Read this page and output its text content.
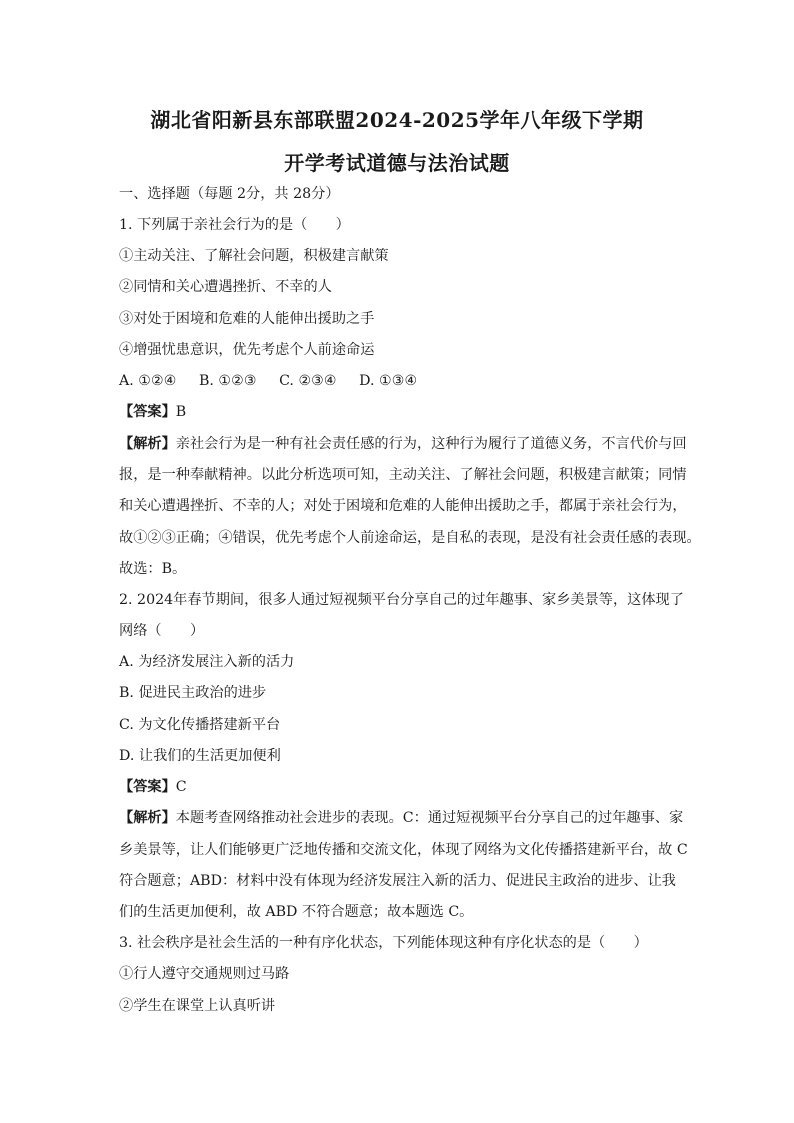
湖北省阳新县东部联盟2024-2025学年八年级下学期
开学考试道德与法治试题
一、选择题（每题 2分，共 28分）
1. 下列属于亲社会行为的是（　　）
①主动关注、了解社会问题，积极建言献策
②同情和关心遭遇挫折、不幸的人
③对处于困境和危难的人能伸出援助之手
④增强忧患意识，优先考虑个人前途命运
A. ①②④ B. ①②③ C. ②③④ D. ①③④
【答案】B
【解析】亲社会行为是一种有社会责任感的行为，这种行为履行了道德义务，不言代价与回
报，是一种奉献精神。以此分析选项可知，主动关注、了解社会问题，积极建言献策；同情
和关心遭遇挫折、不幸的人；对处于困境和危难的人能伸出援助之手，都属于亲社会行为，
故①②③正确；④错误，优先考虑个人前途命运，是自私的表现，是没有社会责任感的表现。
故选：B。
2. 2024年春节期间，很多人通过短视频平台分享自己的过年趣事、家乡美景等，这体现了
网络（　　）
A. 为经济发展注入新的活力
B. 促进民主政治的进步
C. 为文化传播搭建新平台
D. 让我们的生活更加便利
【答案】C
【解析】本题考查网络推动社会进步的表现。C：通过短视频平台分享自己的过年趣事、家
乡美景等，让人们能够更广泛地传播和交流文化，体现了网络为文化传播搭建新平台，故 C
符合题意；ABD：材料中没有体现为经济发展注入新的活力、促进民主政治的进步、让我
们的生活更加便利，故 ABD 不符合题意；故本题选 C。
3. 社会秩序是社会生活的一种有序化状态，下列能体现这种有序化状态的是（　　）
①行人遵守交通规则过马路
②学生在课堂上认真听讲
